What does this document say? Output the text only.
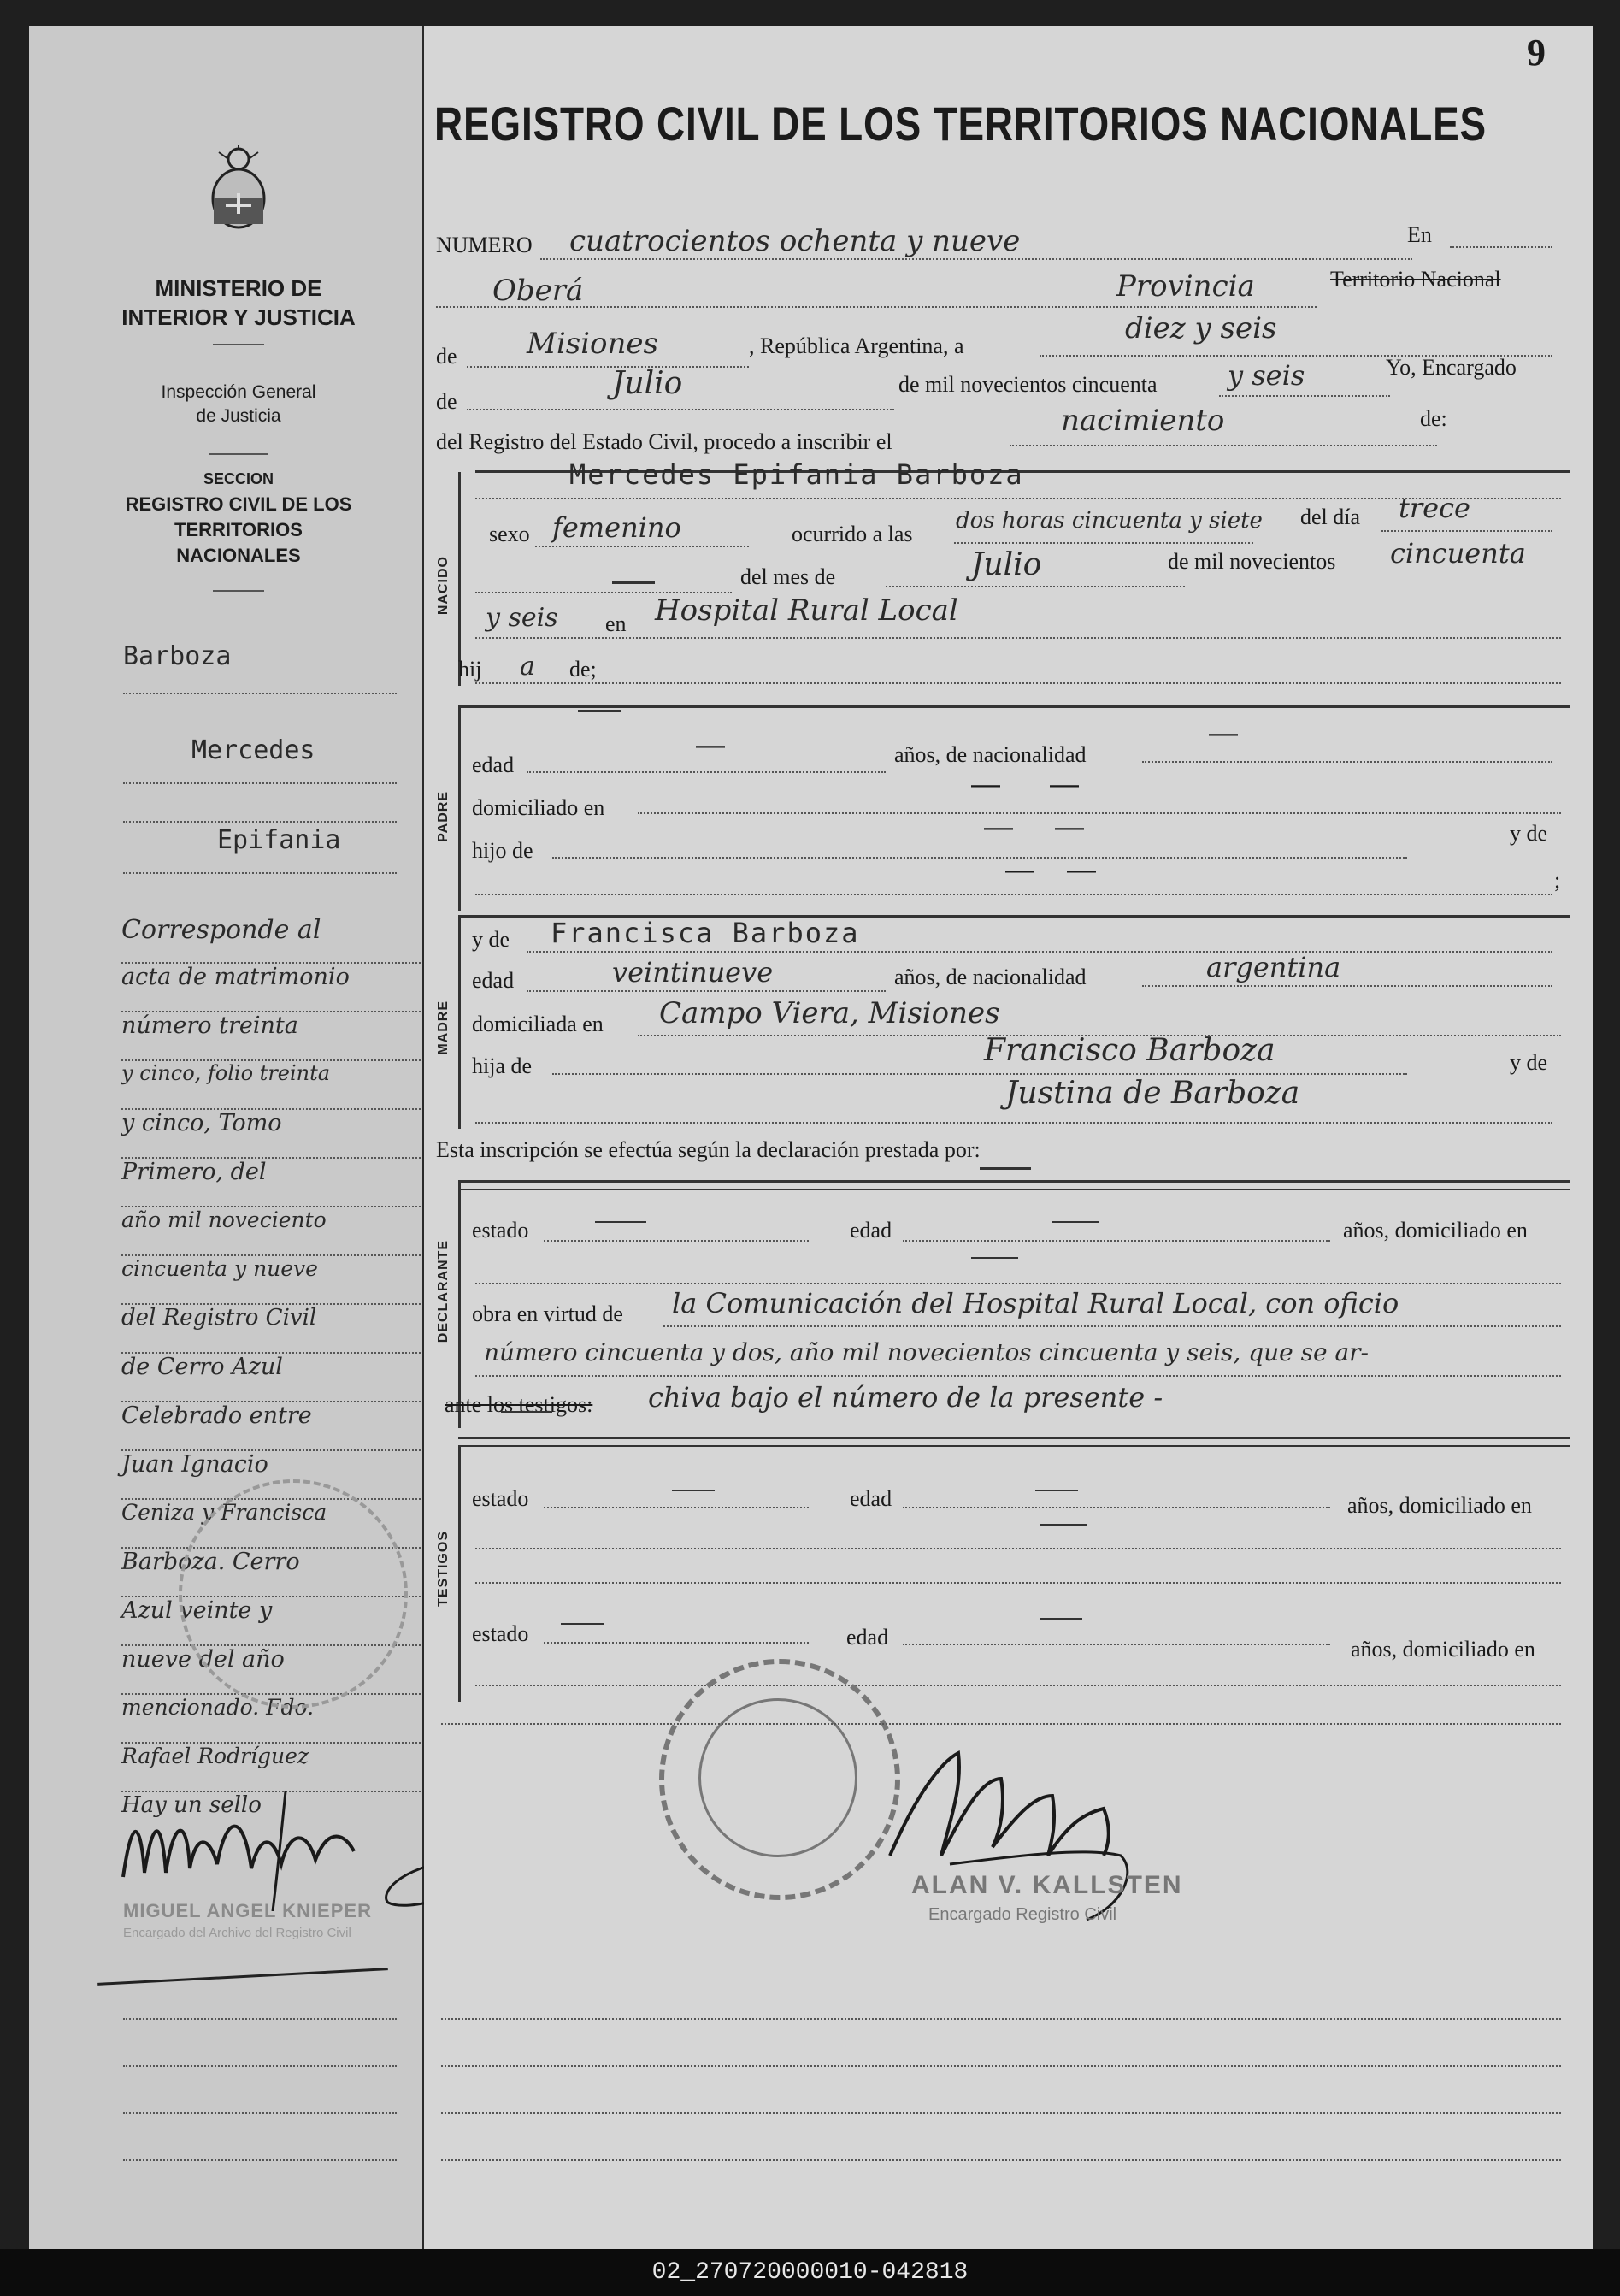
MINISTERIO DE INTERIOR Y JUSTICIA
Inspección General de Justicia
SECCION
REGISTRO CIVIL DE LOS TERRITORIOS NACIONALES
Barboza
Mercedes
Epifania
Corresponde al
acta de matrimonio
número treinta
y cinco, folio treinta
y cinco, Tomo
Primero, del
año mil noveciento
cincuenta y nueve
del Registro Civil
de Cerro Azul
Celebrado entre
Juan Ignacio
Ceniza y Francisca
Barboza. Cerro
Azul veinte y
nueve del año
mencionado. Fdo.
Rafael Rodríguez
Hay un sello
MIGUEL ANGEL KNIEPER
Encargado del Archivo del Registro Civil
9
REGISTRO CIVIL DE LOS TERRITORIOS NACIONALES
NUMERO cuatrocientos ochenta y nueve	En
Oberá	Provincia	Territorio Nacional
de Misiones	, República Argentina, a
diez y seis
de
Julio	de mil novecientos cincuenta	y seis	Yo, Encargado
del Registro del Estado Civil, procedo a inscribir el
nacimiento	de:
NACIDO
Mercedes Epifania Barboza
sexo femenino	ocurrido a las
dos horas cincuenta y siete del día trece
del mes de	Julio	de mil novecientos cincuenta
y seis en Hospital Rural Local
hij a de;
PADRE
edad
—	años, de nacionalidad
—
domiciliado en
— —
hijo de
— —	y de
— —	;
MADRE
y de Francisca Barboza
edad	veintinueve	años, de nacionalidad	argentina
domiciliada en Campo Viera, Misiones
hija de	Francisco Barboza	y de
Justina de Barboza
Esta inscripción se efectúa según la declaración prestada por:
DECLARANTE
estado	edad	años, domiciliado en
obra en virtud de la Comunicación del Hospital Rural Local, con oficio
número cincuenta y dos, año mil novecientos cincuenta y seis, que se ar-
ante los testigos: chiva bajo el número de la presente -
TESTIGOS
estado	edad	años, domiciliado en
estado	edad	años, domiciliado en
ALAN V. KALLSTEN
Encargado Registro Civil
02_270720000010-042818
